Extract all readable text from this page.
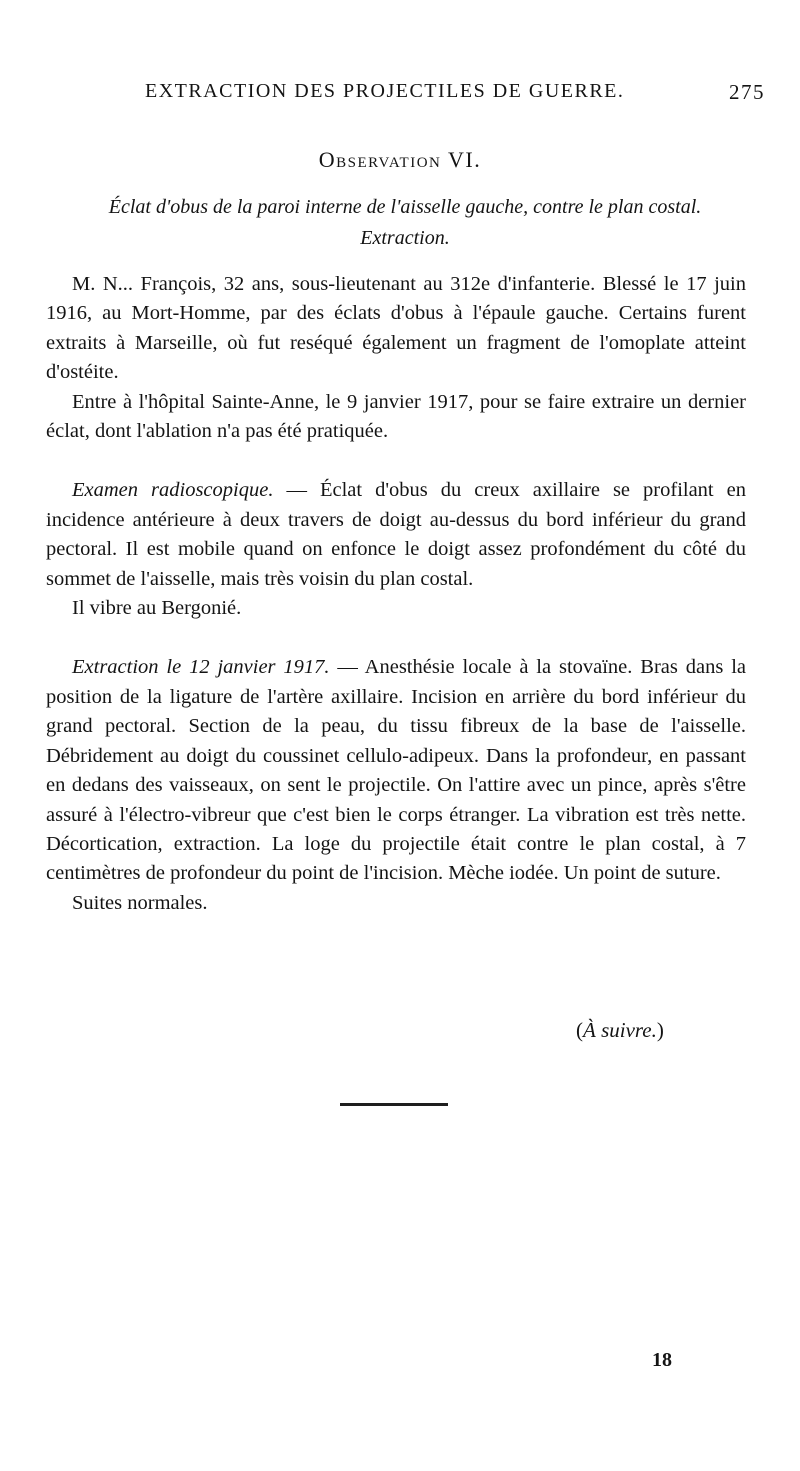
EXTRACTION DES PROJECTILES DE GUERRE.	275
Observation VI.
Éclat d'obus de la paroi interne de l'aisselle gauche, contre le plan costal.
Extraction.

M. N... François, 32 ans, sous-lieutenant au 312e d'infanterie. Blessé le 17 juin 1916, au Mort-Homme, par des éclats d'obus à l'épaule gauche. Certains furent extraits à Marseille, où fut reséqué également un fragment de l'omoplate atteint d'ostéite.

Entre à l'hôpital Sainte-Anne, le 9 janvier 1917, pour se faire extraire un dernier éclat, dont l'ablation n'a pas été pratiquée.

Examen radioscopique. — Éclat d'obus du creux axillaire se profilant en incidence antérieure à deux travers de doigt au-dessus du bord inférieur du grand pectoral. Il est mobile quand on enfonce le doigt assez profondément du côté du sommet de l'aisselle, mais très voisin du plan costal.

Il vibre au Bergonié.

Extraction le 12 janvier 1917. — Anesthésie locale à la stovaïne. Bras dans la position de la ligature de l'artère axillaire. Incision en arrière du bord inférieur du grand pectoral. Section de la peau, du tissu fibreux de la base de l'aisselle. Débridement au doigt du coussinet cellulo-adipeux. Dans la profondeur, en passant en dedans des vaisseaux, on sent le projectile. On l'attire avec un pince, après s'être assuré à l'électro-vibreur que c'est bien le corps étranger. La vibration est très nette. Décortication, extraction. La loge du projectile était contre le plan costal, à 7 centimètres de profondeur du point de l'incision. Mèche iodée. Un point de suture.

Suites normales.

(À suivre.)
18
